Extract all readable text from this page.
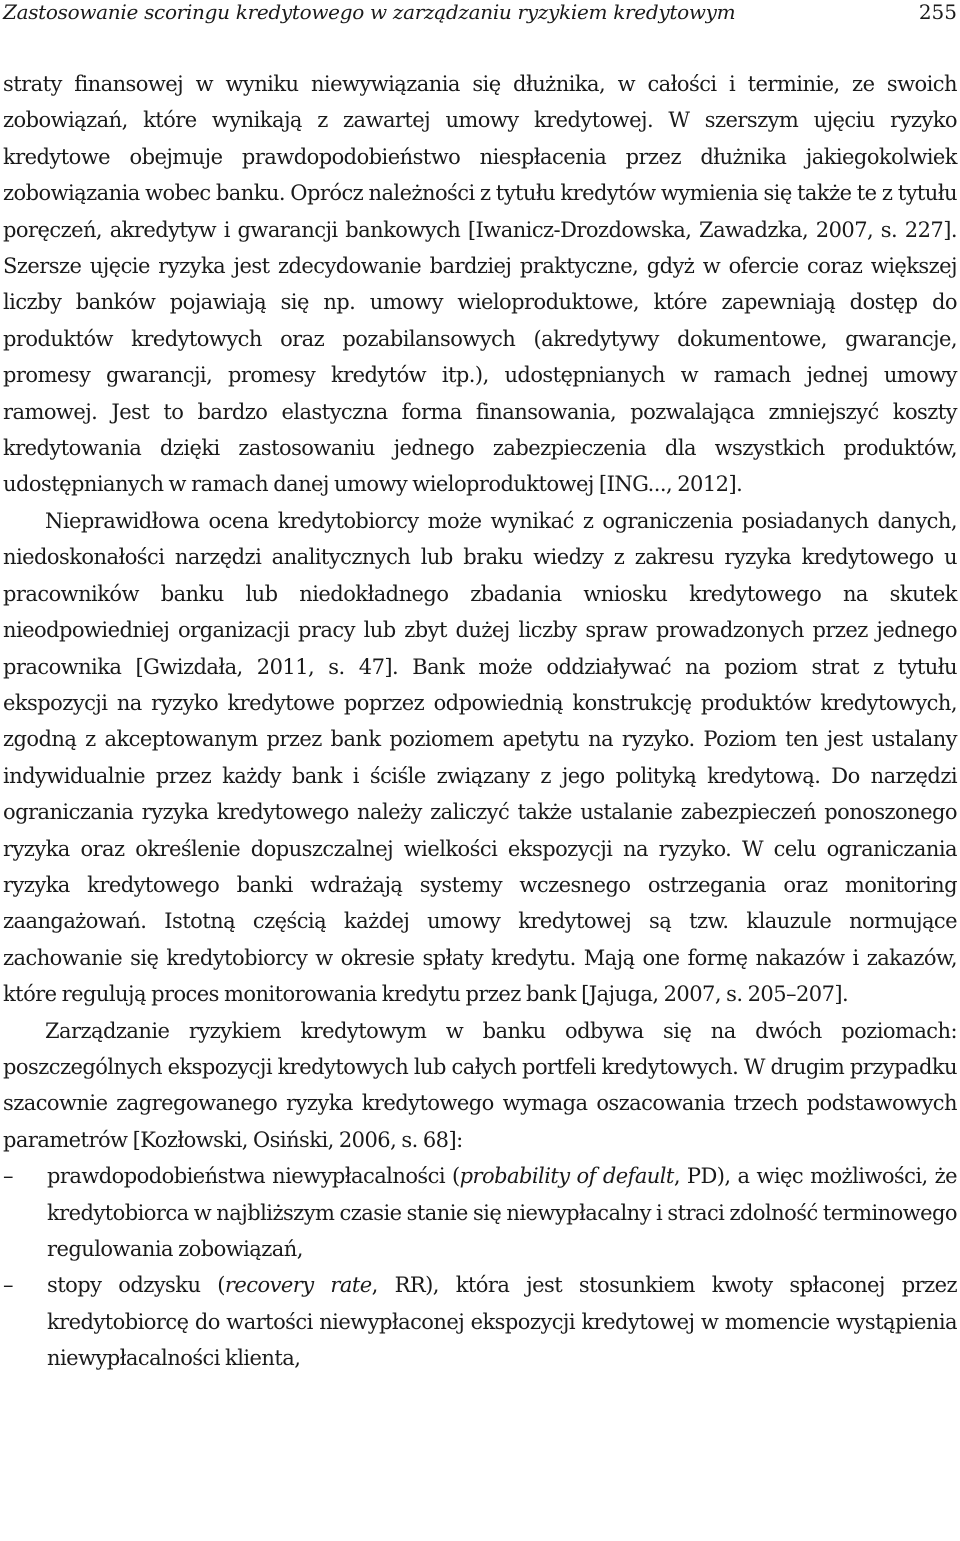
Zastosowanie scoringu kredytowego w zarządzaniu ryzykiem kredytowym	255

straty finansowej w wyniku niewywiązania się dłużnika, w całości i terminie, ze swoich zobowiązań, które wynikają z zawartej umowy kredytowej. W szerszym ujęciu ryzyko kredytowe obejmuje prawdopodobieństwo niespłacenia przez dłużnika jakiegokolwiek zobowiązania wobec banku. Oprócz należności z tytułu kredytów wymienia się także te z tytułu poręczeń, akredytyw i gwarancji bankowych [Iwanicz-Drozdowska, Zawadzka, 2007, s. 227]. Szersze ujęcie ryzyka jest zdecydowanie bardziej praktyczne, gdyż w ofercie coraz większej liczby banków pojawiają się np. umowy wieloproduktowe, które zapewniają dostęp do produktów kredytowych oraz pozabilansowych (akredytywy dokumentowe, gwarancje, promesy gwarancji, promesy kredytów itp.), udostępnianych w ramach jednej umowy ramowej. Jest to bardzo elastyczna forma finansowania, pozwalająca zmniejszyć koszty kredytowania dzięki zastosowaniu jednego zabezpieczenia dla wszystkich produktów, udostępnianych w ramach danej umowy wieloproduktowej [ING..., 2012].

Nieprawidłowa ocena kredytobiorcy może wynikać z ograniczenia posiadanych danych, niedoskonałości narzędzi analitycznych lub braku wiedzy z zakresu ryzyka kredytowego u pracowników banku lub niedokładnego zbadania wniosku kredytowego na skutek nieodpowiedniej organizacji pracy lub zbyt dużej liczby spraw prowadzonych przez jednego pracownika [Gwizdała, 2011, s. 47]. Bank może oddziaływać na poziom strat z tytułu ekspozycji na ryzyko kredytowe poprzez odpowiednią konstrukcję produktów kredytowych, zgodną z akceptowanym przez bank poziomem apetytu na ryzyko. Poziom ten jest ustalany indywidualnie przez każdy bank i ściśle związany z jego polityką kredytową. Do narzędzi ograniczania ryzyka kredytowego należy zaliczyć także ustalanie zabezpieczeń ponoszonego ryzyka oraz określenie dopuszczalnej wielkości ekspozycji na ryzyko. W celu ograniczania ryzyka kredytowego banki wdrażają systemy wczesnego ostrzegania oraz monitoring zaangażowań. Istotną częścią każdej umowy kredytowej są tzw. klauzule normujące zachowanie się kredytobiorcy w okresie spłaty kredytu. Mają one formę nakazów i zakazów, które regulują proces monitorowania kredytu przez bank [Jajuga, 2007, s. 205–207].

Zarządzanie ryzykiem kredytowym w banku odbywa się na dwóch poziomach: poszczególnych ekspozycji kredytowych lub całych portfeli kredytowych. W drugim przypadku szacownie zagregowanego ryzyka kredytowego wymaga oszacowania trzech podstawowych parametrów [Kozłowski, Osiński, 2006, s. 68]:

– prawdopodobieństwa niewypłacalności (probability of default, PD), a więc możliwości, że kredytobiorca w najbliższym czasie stanie się niewypłacalny i straci zdolność terminowego regulowania zobowiązań,
– stopy odzysku (recovery rate, RR), która jest stosunkiem kwoty spłaconej przez kredytobiorcę do wartości niewypłaconej ekspozycji kredytowej w momencie wystąpienia niewypłacalności klienta,
